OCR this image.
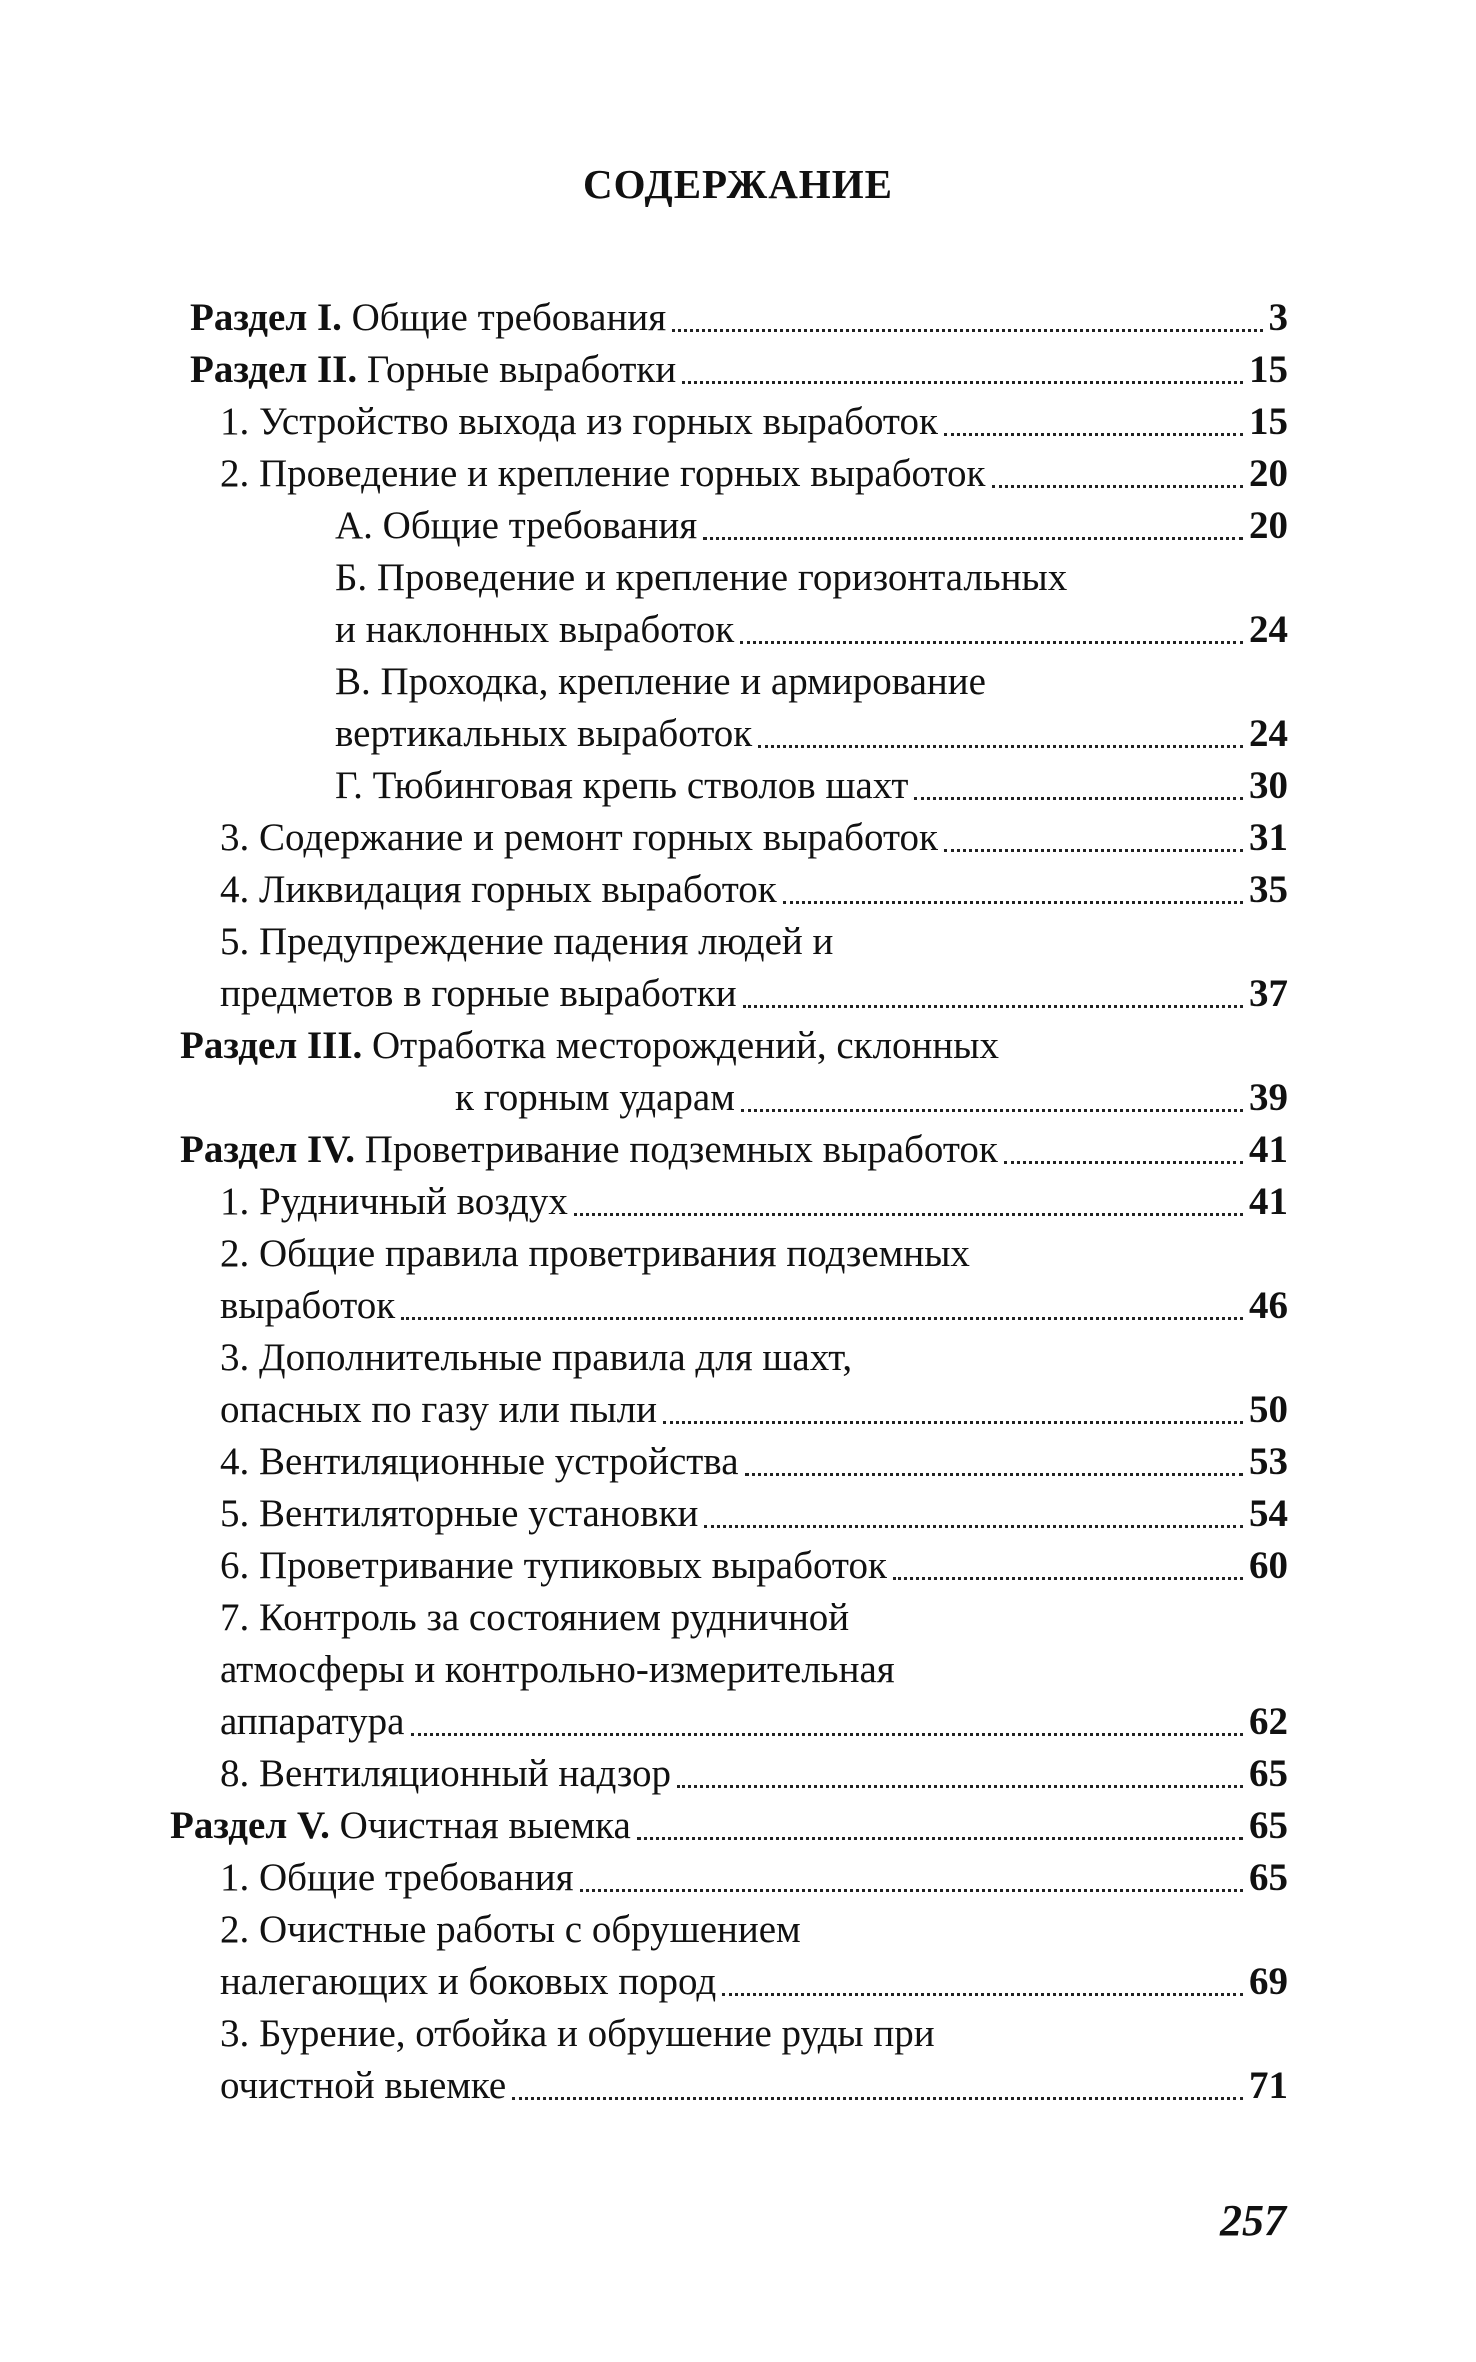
СОДЕРЖАНИЕ
Раздел I. Общие требования	3
Раздел II. Горные выработки	15
1. Устройство выхода из горных выработок	15
2. Проведение и крепление горных выработок	20
А. Общие требования	20
Б. Проведение и крепление горизонтальных
и наклонных выработок	24
В. Проходка, крепление и армирование
вертикальных выработок	24
Г. Тюбинговая крепь стволов шахт	30
3. Содержание и ремонт горных выработок	31
4. Ликвидация горных выработок	35
5. Предупреждение падения людей и
предметов в горные выработки	37
Раздел III. Отработка месторождений, склонных
к горным ударам	39
Раздел IV. Проветривание подземных выработок	41
1. Рудничный воздух	41
2. Общие правила проветривания подземных
выработок	46
3. Дополнительные правила для шахт,
опасных по газу или пыли	50
4. Вентиляционные устройства	53
5. Вентиляторные установки	54
6. Проветривание тупиковых выработок	60
7. Контроль за состоянием рудничной
атмосферы и контрольно-измерительная
аппаратура	62
8. Вентиляционный надзор	65
Раздел V. Очистная выемка	65
1. Общие требования	65
2. Очистные работы с обрушением
налегающих и боковых пород	69
3. Бурение, отбойка и обрушение руды при
очистной выемке	71
257
